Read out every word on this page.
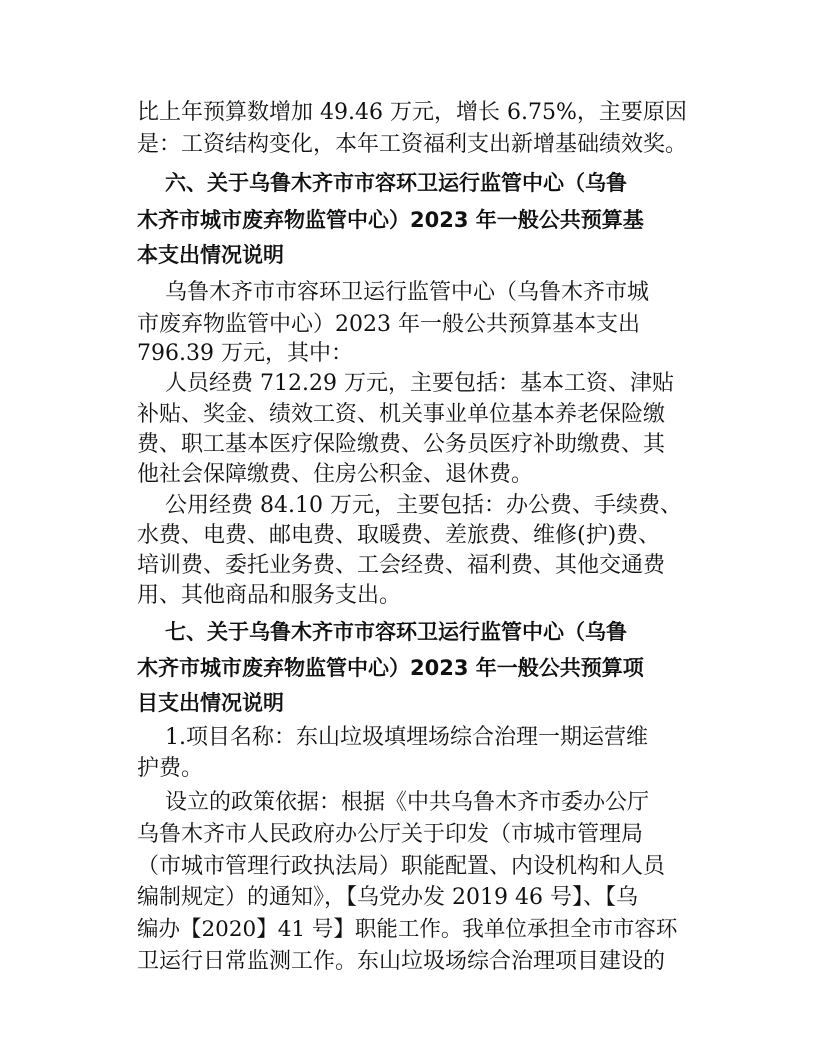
比上年预算数增加 49.46 万元，增长 6.75%，主要原因
是：工资结构变化，本年工资福利支出新增基础绩效奖。
六、关于乌鲁木齐市市容环卫运行监管中心（乌鲁
木齐市城市废弃物监管中心）2023 年一般公共预算基
本支出情况说明
乌鲁木齐市市容环卫运行监管中心（乌鲁木齐市城
市废弃物监管中心）2023 年一般公共预算基本支出
796.39 万元，其中：
人员经费 712.29 万元，主要包括：基本工资、津贴
补贴、奖金、绩效工资、机关事业单位基本养老保险缴
费、职工基本医疗保险缴费、公务员医疗补助缴费、其
他社会保障缴费、住房公积金、退休费。
公用经费 84.10 万元，主要包括：办公费、手续费、
水费、电费、邮电费、取暖费、差旅费、维修(护)费、
培训费、委托业务费、工会经费、福利费、其他交通费
用、其他商品和服务支出。
七、关于乌鲁木齐市市容环卫运行监管中心（乌鲁
木齐市城市废弃物监管中心）2023 年一般公共预算项
目支出情况说明
1.项目名称：东山垃圾填埋场综合治理一期运营维
护费。
设立的政策依据：根据《中共乌鲁木齐市委办公厅
乌鲁木齐市人民政府办公厅关于印发（市城市管理局
（市城市管理行政执法局）职能配置、内设机构和人员
编制规定）的通知》，【乌党办发 2019 46 号】、【乌
编办【2020】41 号】职能工作。我单位承担全市市容环
卫运行日常监测工作。东山垃圾场综合治理项目建设的
